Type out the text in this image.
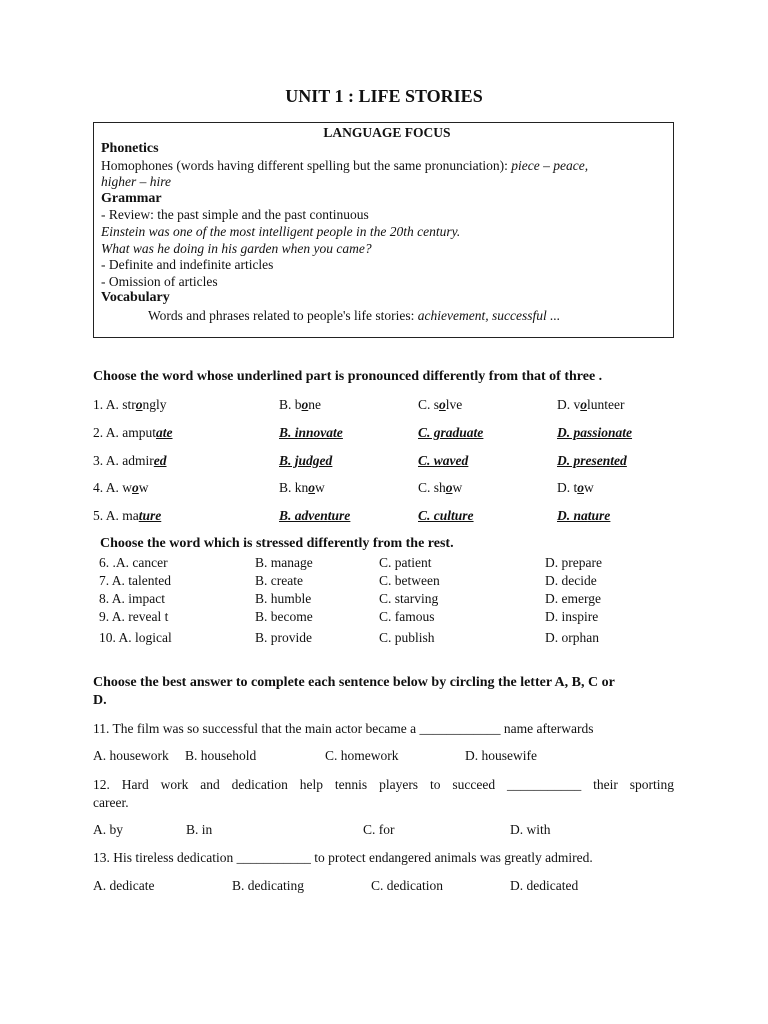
UNIT 1 : LIFE STORIES
LANGUAGE FOCUS
Phonetics
Homophones (words having different spelling but the same pronunciation): piece – peace,
higher – hire
Grammar
- Review: the past simple and the past continuous
Einstein was one of the most intelligent people in the 20th century.
What was he doing in his garden when you came?
- Definite and indefinite articles
- Omission of articles
Vocabulary
Words and phrases related to people's life stories: achievement, successful ...
Choose the word whose underlined part is pronounced differently from that of three .
1. A. strongly	B. bone	C. solve	D. volunteer
2. A. amputate	B. innovate	C. graduate	D. passionate
3. A. admired	B. judged	C. waved	D. presented
4. A. wow	B. know	C. show	D. tow
5. A. mature	B. adventure	C. culture	D. nature
Choose the word which is stressed differently from the rest.
6. .A. cancer	B. manage	C. patient	D. prepare
7. A. talented	B. create	C. between	D. decide
8. A. impact	B. humble	C. starving	D. emerge
9. A. reveal t	B. become	C. famous	D. inspire
10. A. logical	B. provide	C. publish	D. orphan
Choose the best answer to complete each sentence below by circling the letter A, B, C or
D.
11. The film was so successful that the main actor became a ____________ name afterwards
A. housework B. household	C. homework	D. housewife
12. Hard work and dedication help tennis players to succeed ___________ their sporting
career.
A. by	B. in	C. for	D. with
13. His tireless dedication ___________ to protect endangered animals was greatly admired.
A. dedicate	B. dedicating	C. dedication	D. dedicated
